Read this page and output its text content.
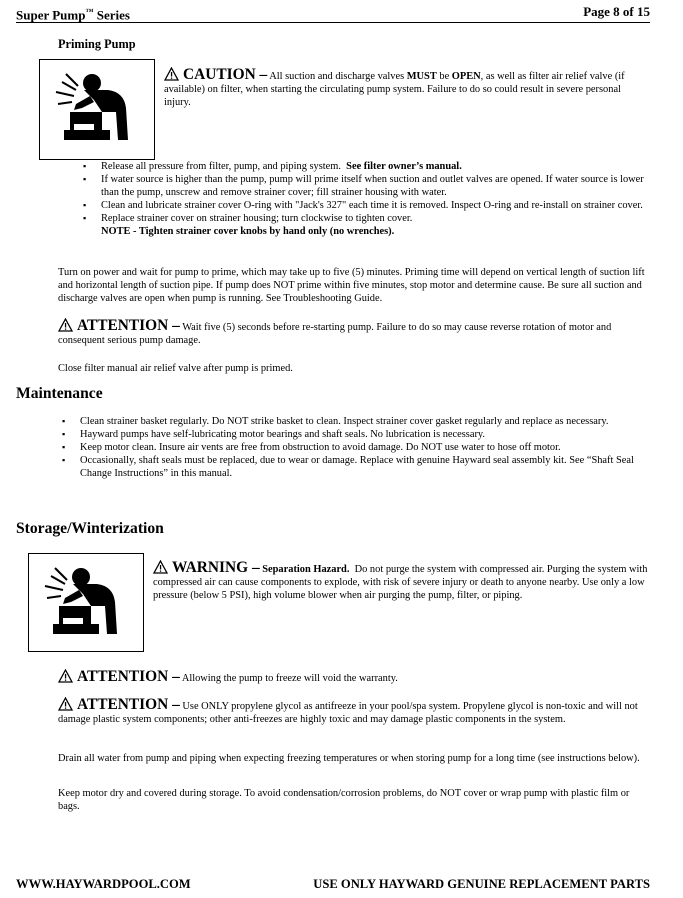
Super Pump™ Series	Page 8 of 15
Priming Pump
CAUTION – All suction and discharge valves MUST be OPEN, as well as filter air relief valve (if available) on filter, when starting the circulating pump system. Failure to do so could result in severe personal injury.
▪ Release all pressure from filter, pump, and piping system. See filter owner’s manual.
▪ If water source is higher than the pump, pump will prime itself when suction and outlet valves are opened. If water source is lower than the pump, unscrew and remove strainer cover; fill strainer housing with water.
▪ Clean and lubricate strainer cover O-ring with "Jack's 327" each time it is removed. Inspect O-ring and re-install on strainer cover.
▪ Replace strainer cover on strainer housing; turn clockwise to tighten cover.
NOTE - Tighten strainer cover knobs by hand only (no wrenches).

Turn on power and wait for pump to prime, which may take up to five (5) minutes. Priming time will depend on vertical length of suction lift and horizontal length of suction pipe. If pump does NOT prime within five minutes, stop motor and determine cause. Be sure all suction and discharge valves are open when pump is running. See Troubleshooting Guide.

ATTENTION – Wait five (5) seconds before re-starting pump. Failure to do so may cause reverse rotation of motor and consequent serious pump damage.

Close filter manual air relief valve after pump is primed.

Maintenance
▪ Clean strainer basket regularly. Do NOT strike basket to clean. Inspect strainer cover gasket regularly and replace as necessary.
▪ Hayward pumps have self-lubricating motor bearings and shaft seals. No lubrication is necessary.
▪ Keep motor clean. Insure air vents are free from obstruction to avoid damage. Do NOT use water to hose off motor.
▪ Occasionally, shaft seals must be replaced, due to wear or damage. Replace with genuine Hayward seal assembly kit. See “Shaft Seal Change Instructions” in this manual.
Storage/Winterization
WARNING – Separation Hazard. Do not purge the system with compressed air. Purging the system with compressed air can cause components to explode, with risk of severe injury or death to anyone nearby. Use only a low pressure (below 5 PSI), high volume blower when air purging the pump, filter, or piping.
ATTENTION – Allowing the pump to freeze will void the warranty.
ATTENTION – Use ONLY propylene glycol as antifreeze in your pool/spa system. Propylene glycol is non-toxic and will not damage plastic system components; other anti-freezes are highly toxic and may damage plastic components in the system.

Drain all water from pump and piping when expecting freezing temperatures or when storing pump for a long time (see instructions below).

Keep motor dry and covered during storage. To avoid condensation/corrosion problems, do NOT cover or wrap pump with plastic film or bags.

WWW.HAYWARDPOOL.COM	USE ONLY HAYWARD GENUINE REPLACEMENT PARTS
